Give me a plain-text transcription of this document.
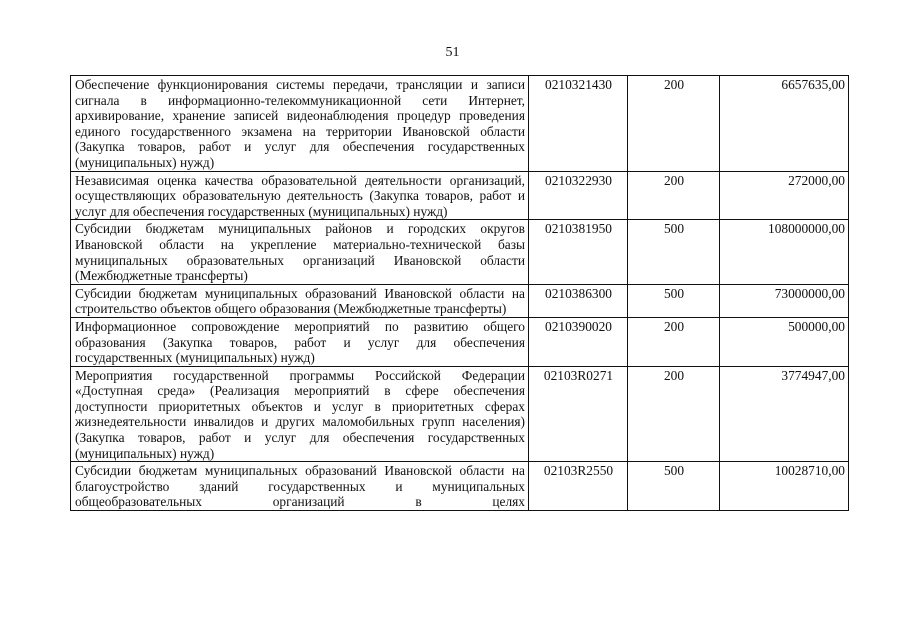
51
Обеспечение функционирования системы передачи, трансляции и записи сигнала в информационно-телекоммуникационной сети Интернет, архивирование, хранение записей видеонаблюдения процедур проведения единого государственного экзамена на территории Ивановской области (Закупка товаров, работ и услуг для обеспечения государственных (муниципальных) нужд)	0210321430	200	6657635,00
Независимая оценка качества образовательной деятельности организаций, осуществляющих образовательную деятельность (Закупка товаров, работ и услуг для обеспечения государственных (муниципальных) нужд)	0210322930	200	272000,00
Субсидии бюджетам муниципальных районов и городских округов Ивановской области на укрепление материально-технической базы муниципальных образовательных организаций Ивановской области (Межбюджетные трансферты)	0210381950	500	108000000,00
Субсидии бюджетам муниципальных образований Ивановской области на строительство объектов общего образования (Межбюджетные трансферты)	0210386300	500	73000000,00
Информационное сопровождение мероприятий по развитию общего образования (Закупка товаров, работ и услуг для обеспечения государственных (муниципальных) нужд)	0210390020	200	500000,00
Мероприятия государственной программы Российской Федерации «Доступная среда» (Реализация мероприятий в сфере обеспечения доступности приоритетных объектов и услуг в приоритетных сферах жизнедеятельности инвалидов и других маломобильных групп населения) (Закупка товаров, работ и услуг для обеспечения государственных (муниципальных) нужд)	02103R0271	200	3774947,00
Субсидии бюджетам муниципальных образований Ивановской области на благоустройство зданий государственных и муниципальных общеобразовательных организаций в целях	02103R2550	500	10028710,00
